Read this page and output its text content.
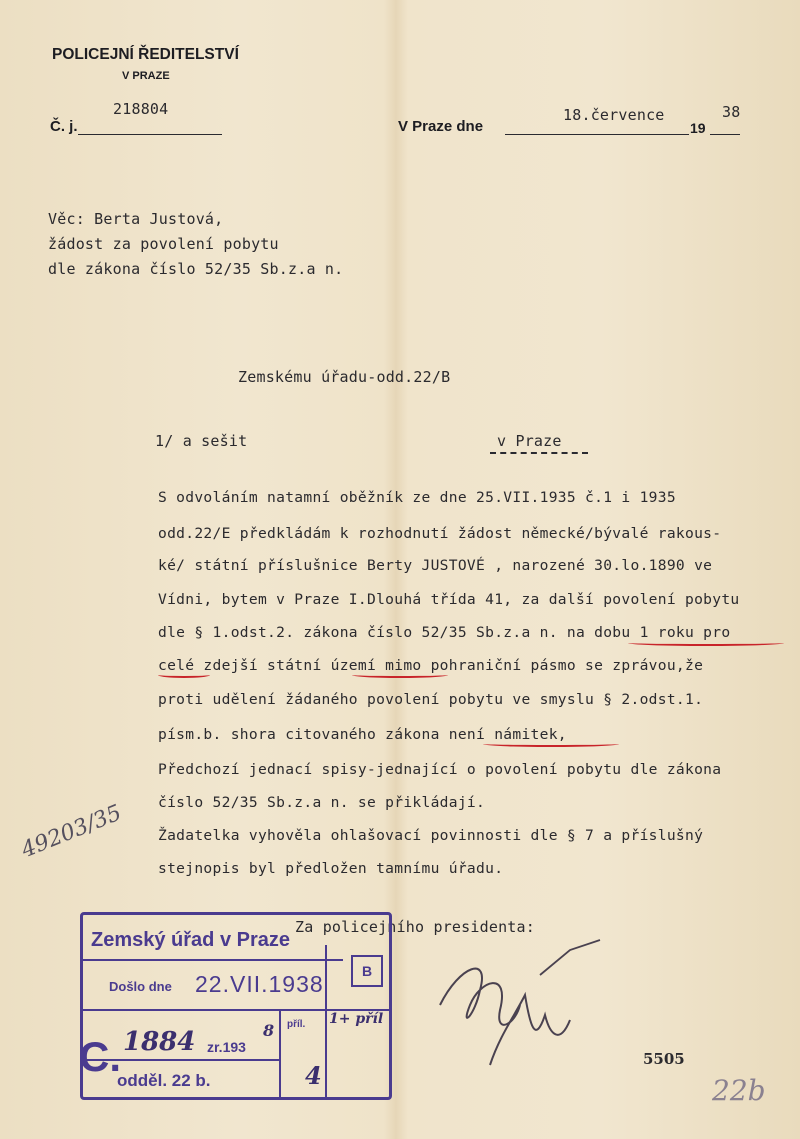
POLICEJNÍ ŘEDITELSTVÍ
V PRAZE
218804
Č. j.	V Praze dne
18.července
19
38
Věc: Berta Justová,
žádost za povolení pobytu
dle zákona číslo 52/35 Sb.z.a n.
Zemskému úřadu-odd.22/B
1/ a sešit	v Praze
S odvoláním natamní oběžník ze dne 25.VII.1935 č.1 i 1935
odd.22/E předkládám k rozhodnutí žádost německé/bývalé rakous-
ké/ státní příslušnice Berty JUSTOVÉ , narozené 30.lo.1890 ve
Vídni, bytem v Praze I.Dlouhá třída 41, za další povolení pobytu
dle § 1.odst.2. zákona číslo 52/35 Sb.z.a n. na dobu 1 roku pro
celé zdejší státní území mimo pohraniční pásmo se zprávou,že
proti udělení žádaného povolení pobytu ve smyslu § 2.odst.1.
písm.b. shora citovaného zákona není námitek,
Předchozí jednací spisy-jednající o povolení pobytu dle zákona
číslo 52/35 Sb.z.a n. se přikládají.
Žadatelka vyhověla ohlašovací povinnosti dle § 7 a příslušný
stejnopis byl předložen tamnímu úřadu.
Za policejního presidenta:
49203/35
Zemský úřad v Praze
Došlo dne 22.VII.1938	B
1884 zr.193
8 příl. 1+ příl
C.
odděl. 22 b.	4
5505
22b
